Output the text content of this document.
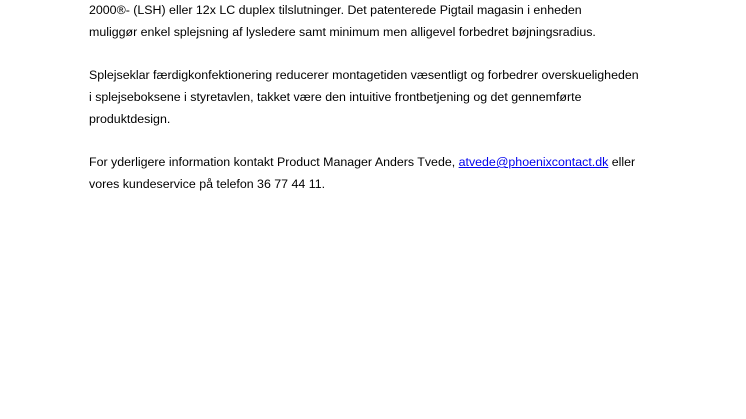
2000®- (LSH) eller 12x LC duplex tilslutninger. Det patenterede Pigtail magasin i enheden
muliggør enkel splejsning af lysledere samt minimum men alligevel forbedret bøjningsradius.
Splejseklar færdigkonfektionering reducerer montagetiden væsentligt og forbedrer overskueligheden
i splejseboksene i styretavlen, takket være den intuitive frontbetjening og det gennemførte
produktdesign.
For yderligere information kontakt Product Manager Anders Tvede, atvede@phoenixcontact.dk eller
vores kundeservice på telefon 36 77 44 11.
